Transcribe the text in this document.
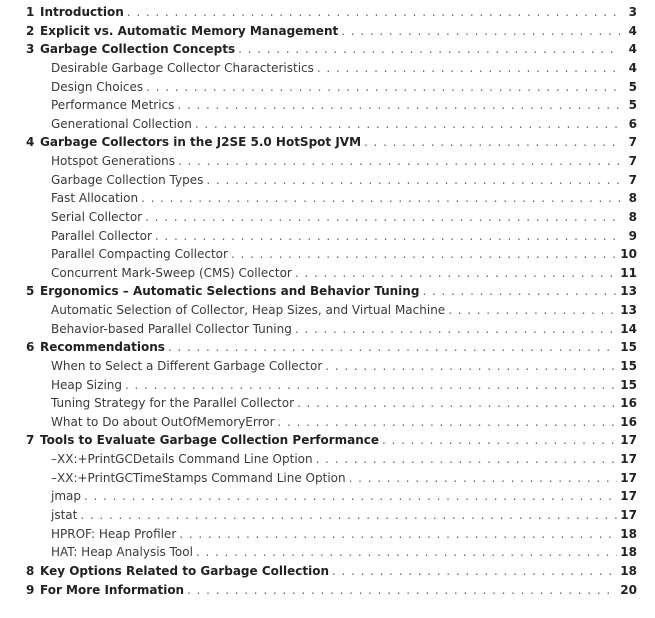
1 Introduction . . .	3
2 Explicit vs. Automatic Memory Management . . .	4
3 Garbage Collection Concepts . . .	4
Desirable Garbage Collector Characteristics . . .	4
Design Choices . . .	5
Performance Metrics . . .	5
Generational Collection . . .	6
4 Garbage Collectors in the J2SE 5.0 HotSpot JVM . . .	7
Hotspot Generations . . .	7
Garbage Collection Types . . .	7
Fast Allocation . . .	8
Serial Collector . . .	8
Parallel Collector . . .	9
Parallel Compacting Collector . . .	10
Concurrent Mark-Sweep (CMS) Collector . . .	11
5 Ergonomics – Automatic Selections and Behavior Tuning . . .	13
Automatic Selection of Collector, Heap Sizes, and Virtual Machine . . .	13
Behavior-based Parallel Collector Tuning . . .	14
6 Recommendations . . .	15
When to Select a Different Garbage Collector . . .	15
Heap Sizing . . .	15
Tuning Strategy for the Parallel Collector . . .	16
What to Do about OutOfMemoryError . . .	16
7 Tools to Evaluate Garbage Collection Performance . . .	17
–XX:+PrintGCDetails Command Line Option . . .	17
–XX:+PrintGCTimeStamps Command Line Option . . .	17
jmap . . .	17
jstat . . .	17
HPROF: Heap Profiler . . .	18
HAT: Heap Analysis Tool . . .	18
8 Key Options Related to Garbage Collection . . .	18
9 For More Information . . .	20
